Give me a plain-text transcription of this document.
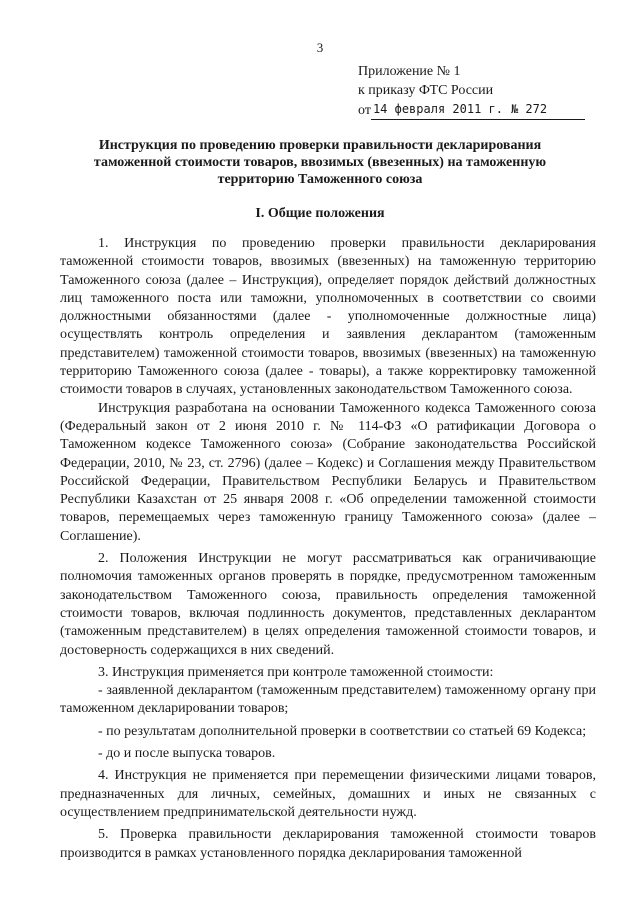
3
Приложение № 1
к приказу ФТС России
от 14 февраля 2011 г. № 272
Инструкция по проведению проверки правильности декларирования таможенной стоимости товаров, ввозимых (ввезенных) на таможенную территорию Таможенного союза
I. Общие положения

1. Инструкция по проведению проверки правильности декларирования таможенной стоимости товаров, ввозимых (ввезенных) на таможенную территорию Таможенного союза (далее – Инструкция), определяет порядок действий должностных лиц таможенного поста или таможни, уполномоченных в соответствии со своими должностными обязанностями (далее - уполномоченные должностные лица) осуществлять контроль определения и заявления декларантом (таможенным представителем) таможенной стоимости товаров, ввозимых (ввезенных) на таможенную территорию Таможенного союза (далее - товары), а также корректировку таможенной стоимости товаров в случаях, установленных законодательством Таможенного союза.

Инструкция разработана на основании Таможенного кодекса Таможенного союза (Федеральный закон от 2 июня 2010 г. № 114-ФЗ «О ратификации Договора о Таможенном кодексе Таможенного союза» (Собрание законодательства Российской Федерации, 2010, № 23, ст. 2796) (далее – Кодекс) и Соглашения между Правительством Российской Федерации, Правительством Республики Беларусь и Правительством Республики Казахстан от 25 января 2008 г. «Об определении таможенной стоимости товаров, перемещаемых через таможенную границу Таможенного союза» (далее – Соглашение).

2. Положения Инструкции не могут рассматриваться как ограничивающие полномочия таможенных органов проверять в порядке, предусмотренном таможенным законодательством Таможенного союза, правильность определения таможенной стоимости товаров, включая подлинность документов, представленных декларантом (таможенным представителем) в целях определения таможенной стоимости товаров, и достоверность содержащихся в них сведений.

3. Инструкция применяется при контроле таможенной стоимости:

- заявленной декларантом (таможенным представителем) таможенному органу при таможенном декларировании товаров;

- по результатам дополнительной проверки в соответствии со статьей 69 Кодекса;

- до и после выпуска товаров.

4. Инструкция не применяется при перемещении физическими лицами товаров, предназначенных для личных, семейных, домашних и иных не связанных с осуществлением предпринимательской деятельности нужд.

5. Проверка правильности декларирования таможенной стоимости товаров производится в рамках установленного порядка декларирования таможенной
